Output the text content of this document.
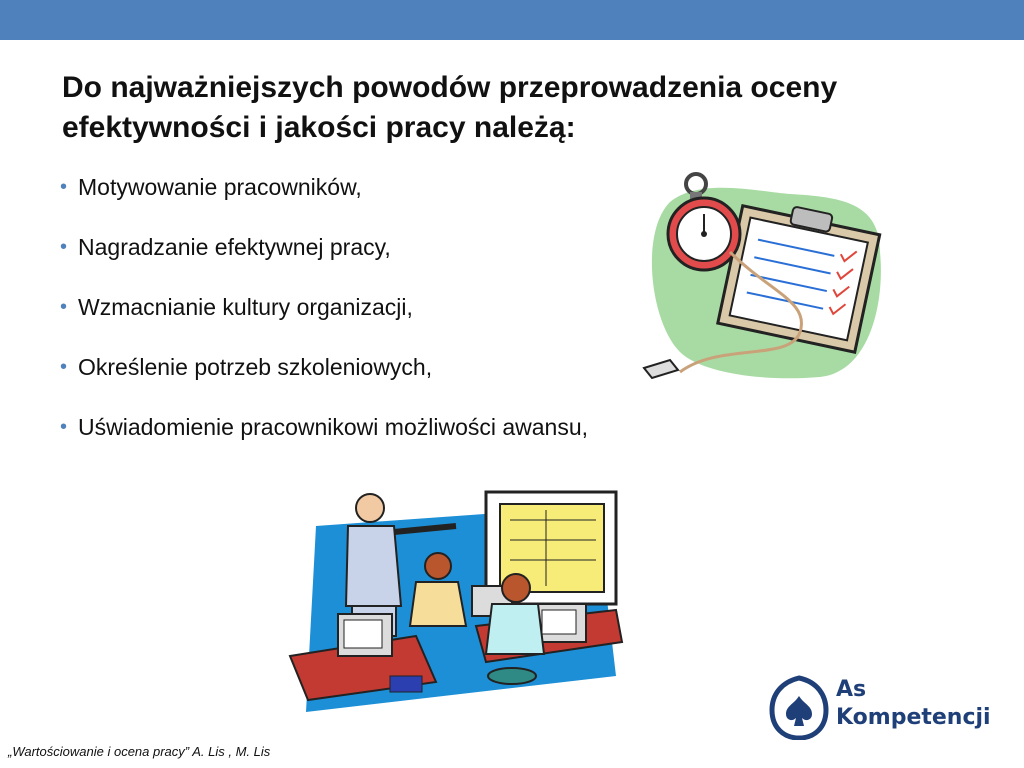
Do najważniejszych powodów przeprowadzenia oceny
efektywności i jakości pracy należą:
• Motywowanie pracowników,
• Nagradzanie efektywnej pracy,
• Wzmacnianie kultury organizacji,
• Określenie potrzeb szkoleniowych,
• Uświadomienie pracownikowi możliwości awansu,
As
Kompetencji
„Wartościowanie i ocena pracy” A. Lis , M. Lis
